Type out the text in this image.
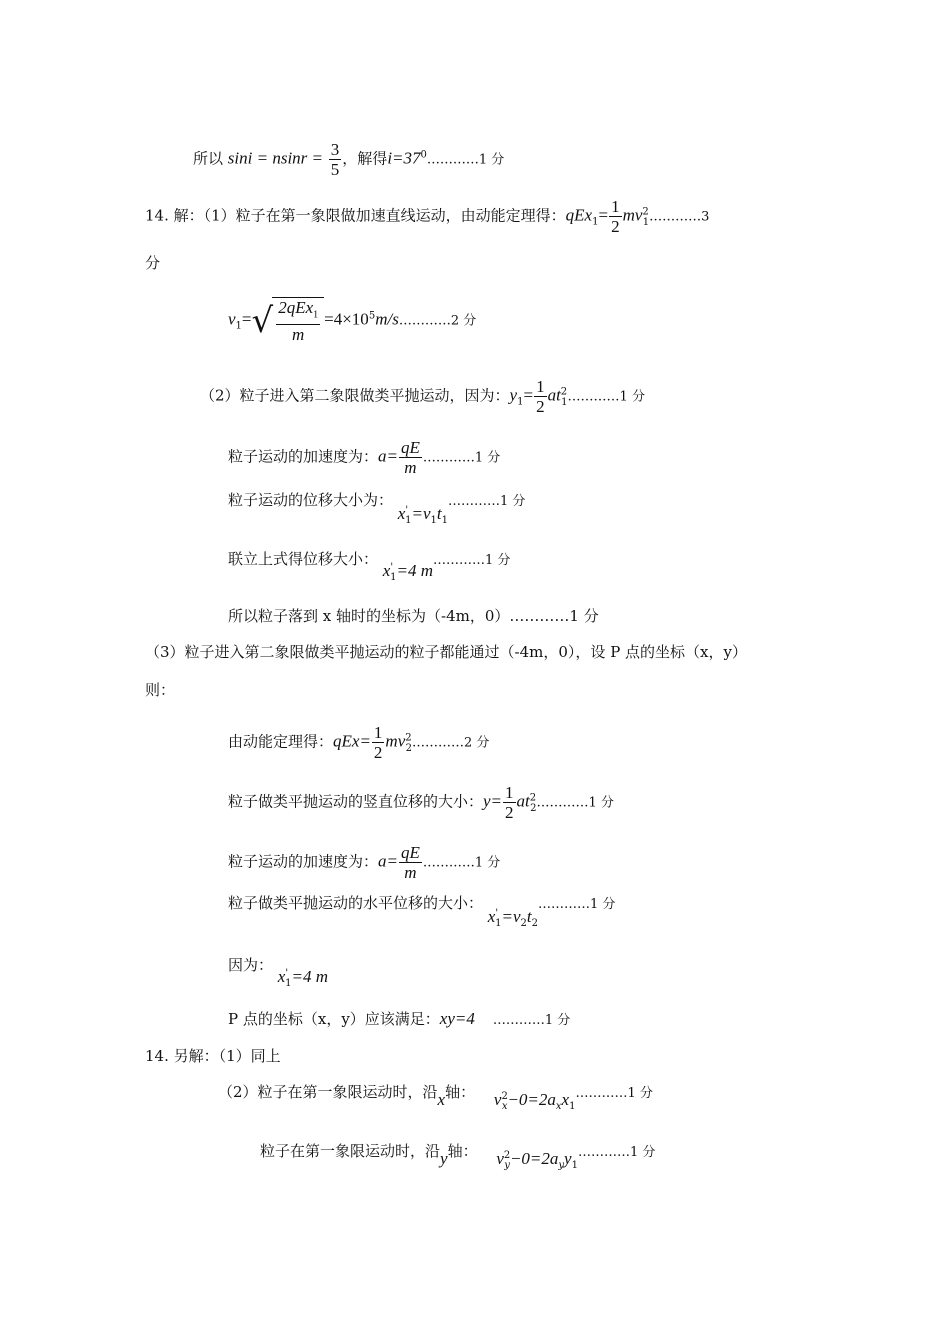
所以 $\sin i = nsinr = \frac{3}{5}$ ，解得$i=37^0\dots\dots\dots\dots 1$ 分
14. 解：（1）粒子在第一象限做加速直线运动，由动能定理得：$qEx_1= \frac{1}{2}$ $mv^2_1\dots\dots\dots\dots 3$
分
$v_1=√ \frac{2qEx_1}{m}$ $=4\times 10^5m/s\dots\dots\dots\dots 2$ 分
（2）粒子进入第二象限做类平抛运动，因为：$y_1= \frac{1}{2}$ $at^2_1\dots\dots\dots\dots 1$ 分
粒子运动的加速度为：$a= \frac{qE}{m}$ …………1 分
粒子运动的位移大小为： $x'_1=v_1t_1\dots\dots\dots\dots 1$ 分
联立上式得位移大小： $x'_1=4$ m…………1 分
所以粒子落到 x 轴时的坐标为（-4m，0）…………1 分
（3）粒子进入第二象限做类平抛运动的粒子都能通过（-4m，0），设 P 点的坐标（x，y）
则：
由动能定理得：$qEx= \frac{1}{2}$ $mv^2_2\dots\dots\dots\dots 2$ 分
粒子做类平抛运动的竖直位移的大小：$y= \frac{1}{2}$ $at^2_2\dots\dots\dots\dots 1$ 分
粒子运动的加速度为：$a= \frac{qE}{m}$ …………1 分
粒子做类平抛运动的水平位移的大小： $x'_1=v_2t_2\dots\dots\dots\dots 1$ 分
因为： $x'_1=4$ m
P 点的坐标（x，y）应该满足：xy=4 …………1 分
14. 另解：（1）同上
（2）粒子在第一象限运动时，沿x轴： $v^2_x-0=2a_xx_1\dots\dots\dots\dots 1$ 分
粒子在第一象限运动时，沿y轴： $v^2_y-0=2a_yy_1\dots\dots\dots\dots 1$ 分
